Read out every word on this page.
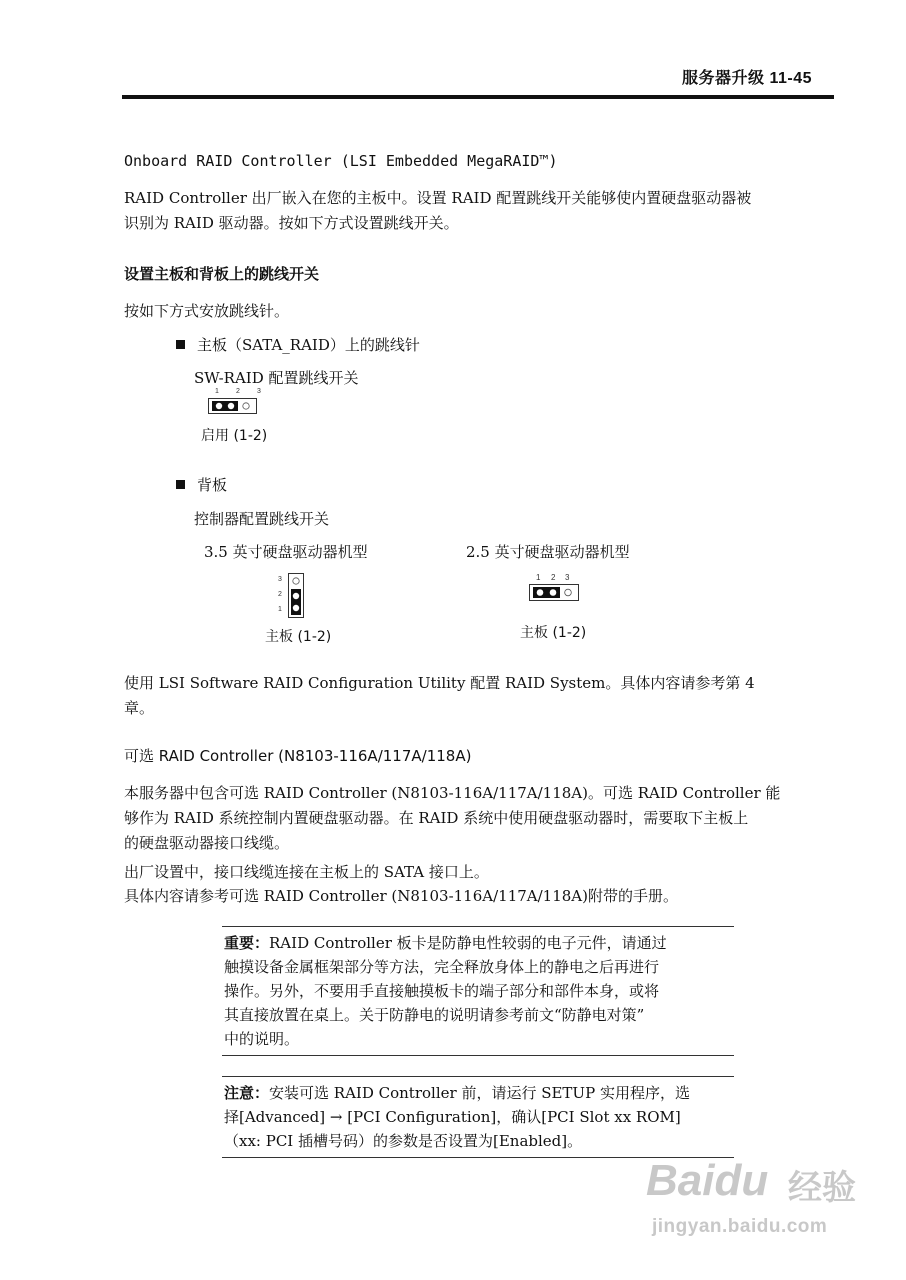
服务器升级 11-45
Onboard RAID Controller (LSI Embedded MegaRAID™)
RAID Controller 出厂嵌入在您的主板中。设置 RAID 配置跳线开关能够使内置硬盘驱动器被
识别为 RAID 驱动器。按如下方式设置跳线开关。
设置主板和背板上的跳线开关
按如下方式安放跳线针。
主板（SATA_RAID）上的跳线针
SW-RAID 配置跳线开关
1 2 3
启用 (1-2)
背板
控制器配置跳线开关
3.5 英寸硬盘驱动器机型	2.5 英寸硬盘驱动器机型
3
2
1
主板 (1-2)
1 2 3
主板 (1-2)
使用 LSI Software RAID Configuration Utility 配置 RAID System。具体内容请参考第 4
章。
可选 RAID Controller (N8103-116A/117A/118A)
本服务器中包含可选 RAID Controller (N8103-116A/117A/118A)。可选 RAID Controller 能
够作为 RAID 系统控制内置硬盘驱动器。在 RAID 系统中使用硬盘驱动器时，需要取下主板上
的硬盘驱动器接口线缆。
出厂设置中，接口线缆连接在主板上的 SATA 接口上。
具体内容请参考可选 RAID Controller (N8103-116A/117A/118A)附带的手册。
重要：RAID Controller 板卡是防静电性较弱的电子元件，请通过
触摸设备金属框架部分等方法，完全释放身体上的静电之后再进行
操作。另外，不要用手直接触摸板卡的端子部分和部件本身，或将
其直接放置在桌上。关于防静电的说明请参考前文“防静电对策”
中的说明。
注意：安装可选 RAID Controller 前，请运行 SETUP 实用程序，选
择[Advanced] → [PCI Configuration]，确认[PCI Slot xx ROM]
（xx: PCI 插槽号码）的参数是否设置为[Enabled]。
Baidu 经验
jingyan.baidu.com
